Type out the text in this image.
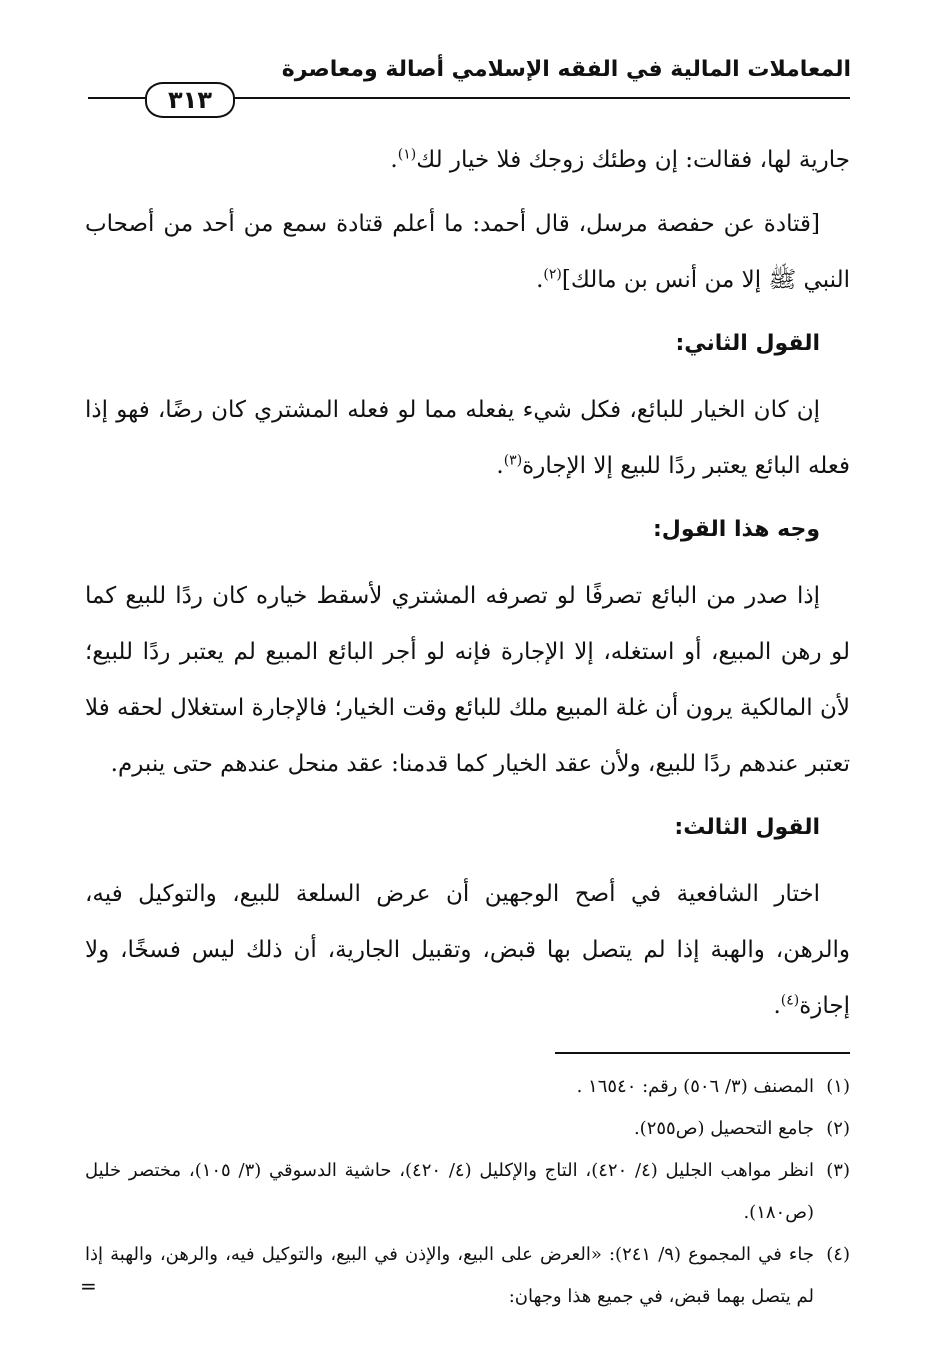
المعاملات المالية في الفقه الإسلامي أصالة ومعاصرة
٣١٣

جارية لها، فقالت: إن وطئك زوجك فلا خيار لك$^{(١)}$.

[قتادة عن حفصة مرسل، قال أحمد: ما أعلم قتادة سمع من أحد من أصحاب النبي ﷺ إلا من أنس بن مالك]$^{(٢)}$.

القول الثاني:

إن كان الخيار للبائع، فكل شيء يفعله مما لو فعله المشتري كان رضًا، فهو إذا فعله البائع يعتبر ردًا للبيع إلا الإجارة$^{(٣)}$.

وجه هذا القول:

إذا صدر من البائع تصرفًا لو تصرفه المشتري لأسقط خياره كان ردًا للبيع كما لو رهن المبيع، أو استغله، إلا الإجارة فإنه لو أجر البائع المبيع لم يعتبر ردًا للبيع؛ لأن المالكية يرون أن غلة المبيع ملك للبائع وقت الخيار؛ فالإجارة استغلال لحقه فلا تعتبر عندهم ردًا للبيع، ولأن عقد الخيار كما قدمنا: عقد منحل عندهم حتى ينبرم.

القول الثالث:

اختار الشافعية في أصح الوجهين أن عرض السلعة للبيع، والتوكيل فيه، والرهن، والهبة إذا لم يتصل بها قبض، وتقبيل الجارية، أن ذلك ليس فسخًا، ولا إجازة$^{(٤)}$.

(١)
المصنف (٣/ ٥٠٦) رقم: ١٦٥٤٠ .
(٢)
جامع التحصيل (ص٢٥٥).
(٣)
انظر مواهب الجليل (٤/ ٤٢٠)، التاج والإكليل (٤/ ٤٢٠)، حاشية الدسوقي (٣/ ١٠٥)، مختصر خليل (ص١٨٠).
(٤)
جاء في المجموع (٩/ ٢٤١): «العرض على البيع، والإذن في البيع، والتوكيل فيه، والرهن، والهبة إذا لم يتصل بهما قبض، في جميع هذا وجهان:
=
